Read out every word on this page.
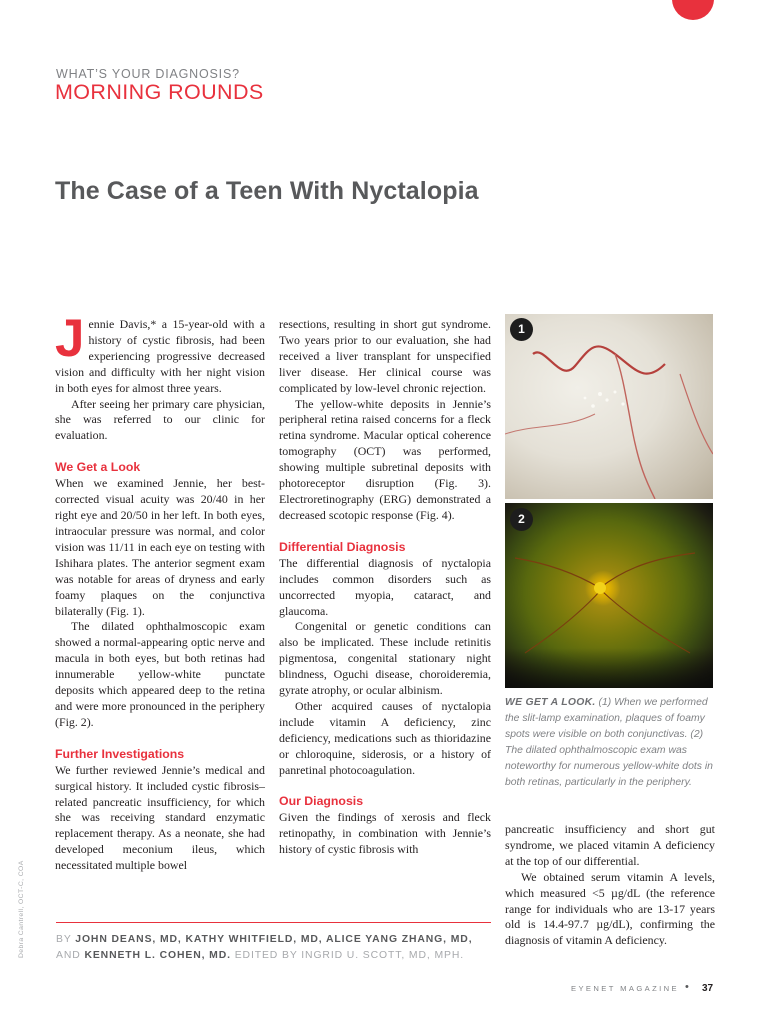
WHAT’S YOUR DIAGNOSIS?
MORNING ROUNDS
The Case of a Teen With Nyctalopia

Jennie Davis,* a 15-year-old with a history of cystic fibrosis, had been experiencing progressive decreased vision and difficulty with her night vision in both eyes for almost three years.

After seeing her primary care physician, she was referred to our clinic for evaluation.

We Get a Look

When we examined Jennie, her best-corrected visual acuity was 20/40 in her right eye and 20/50 in her left. In both eyes, intraocular pressure was normal, and color vision was 11/11 in each eye on testing with Ishihara plates. The anterior segment exam was notable for areas of dryness and early foamy plaques on the conjunctiva bilaterally (Fig. 1).

The dilated ophthalmoscopic exam showed a normal-appearing optic nerve and macula in both eyes, but both retinas had innumerable yellow-white punctate deposits which appeared deep to the retina and were more pronounced in the periphery (Fig. 2).

Further Investigations

We further reviewed Jennie’s medical and surgical history. It included cystic fibrosis–related pancreatic insufficiency, for which she was receiving standard enzymatic replacement therapy. As a neonate, she had developed meconium ileus, which necessitated multiple bowel

resections, resulting in short gut syndrome. Two years prior to our evaluation, she had received a liver transplant for unspecified liver disease. Her clinical course was complicated by low-level chronic rejection.

The yellow-white deposits in Jennie’s peripheral retina raised concerns for a fleck retina syndrome. Macular optical coherence tomography (OCT) was performed, showing multiple subretinal deposits with photoreceptor disruption (Fig. 3). Electroretinography (ERG) demonstrated a decreased scotopic response (Fig. 4).

Differential Diagnosis

The differential diagnosis of nyctalopia includes common disorders such as uncorrected myopia, cataract, and glaucoma.

Congenital or genetic conditions can also be implicated. These include retinitis pigmentosa, congenital stationary night blindness, Oguchi disease, choroideremia, gyrate atrophy, or ocular albinism.

Other acquired causes of nyctalopia include vitamin A deficiency, zinc deficiency, medications such as thioridazine or chloroquine, siderosis, or a history of panretinal photocoagulation.

Our Diagnosis

Given the findings of xerosis and fleck retinopathy, in combination with Jennie’s history of cystic fibrosis with

1
2
WE GET A LOOK. (1) When we performed the slit-lamp examination, plaques of foamy spots were visible on both conjunctivas. (2) The dilated ophthalmoscopic exam was noteworthy for numerous yellow-white dots in both retinas, particularly in the periphery.

pancreatic insufficiency and short gut syndrome, we placed vitamin A deficiency at the top of our differential.

We obtained serum vitamin A levels, which measured <5 µg/dL (the reference range for individuals who are 13-17 years old is 14.4-97.7 µg/dL), confirming the diagnosis of vitamin A deficiency.

BY JOHN DEANS, MD, KATHY WHITFIELD, MD, ALICE YANG ZHANG, MD, AND KENNETH L. COHEN, MD. EDITED BY INGRID U. SCOTT, MD, MPH.
Debra Cantrell, OCT-C, COA
EYENET MAGAZINE • 37
